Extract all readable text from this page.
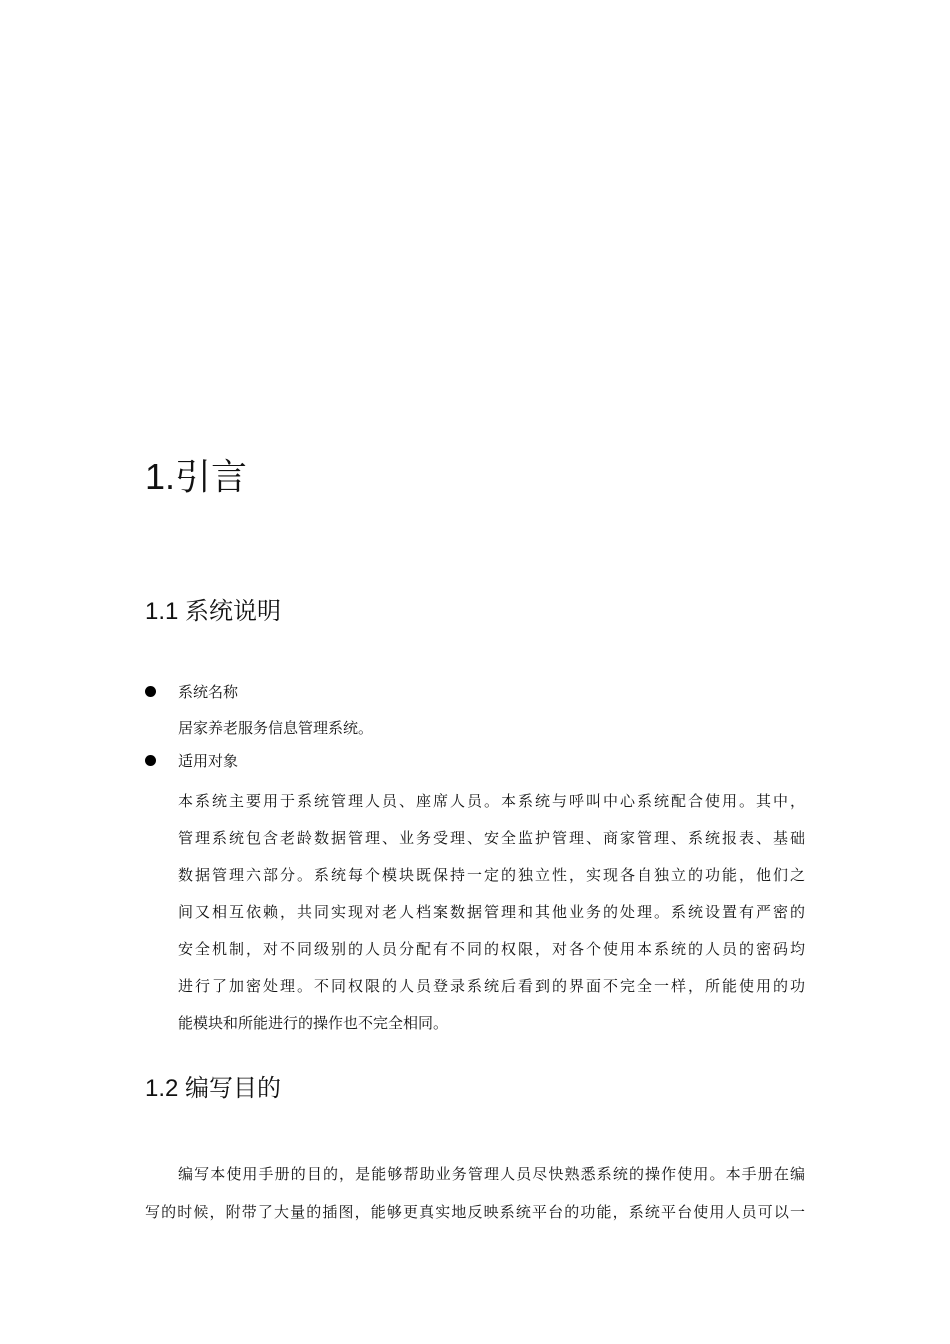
1.引言
1.1 系统说明
系统名称
居家养老服务信息管理系统。
适用对象
本系统主要用于系统管理人员、座席人员。本系统与呼叫中心系统配合使用。其中，
管理系统包含老龄数据管理、业务受理、安全监护管理、商家管理、系统报表、基础
数据管理六部分。系统每个模块既保持一定的独立性，实现各自独立的功能，他们之
间又相互依赖，共同实现对老人档案数据管理和其他业务的处理。系统设置有严密的
安全机制，对不同级别的人员分配有不同的权限，对各个使用本系统的人员的密码均
进行了加密处理。不同权限的人员登录系统后看到的界面不完全一样，所能使用的功
能模块和所能进行的操作也不完全相同。
1.2 编写目的
编写本使用手册的目的，是能够帮助业务管理人员尽快熟悉系统的操作使用。本手册在编
写的时候，附带了大量的插图，能够更真实地反映系统平台的功能，系统平台使用人员可以一
